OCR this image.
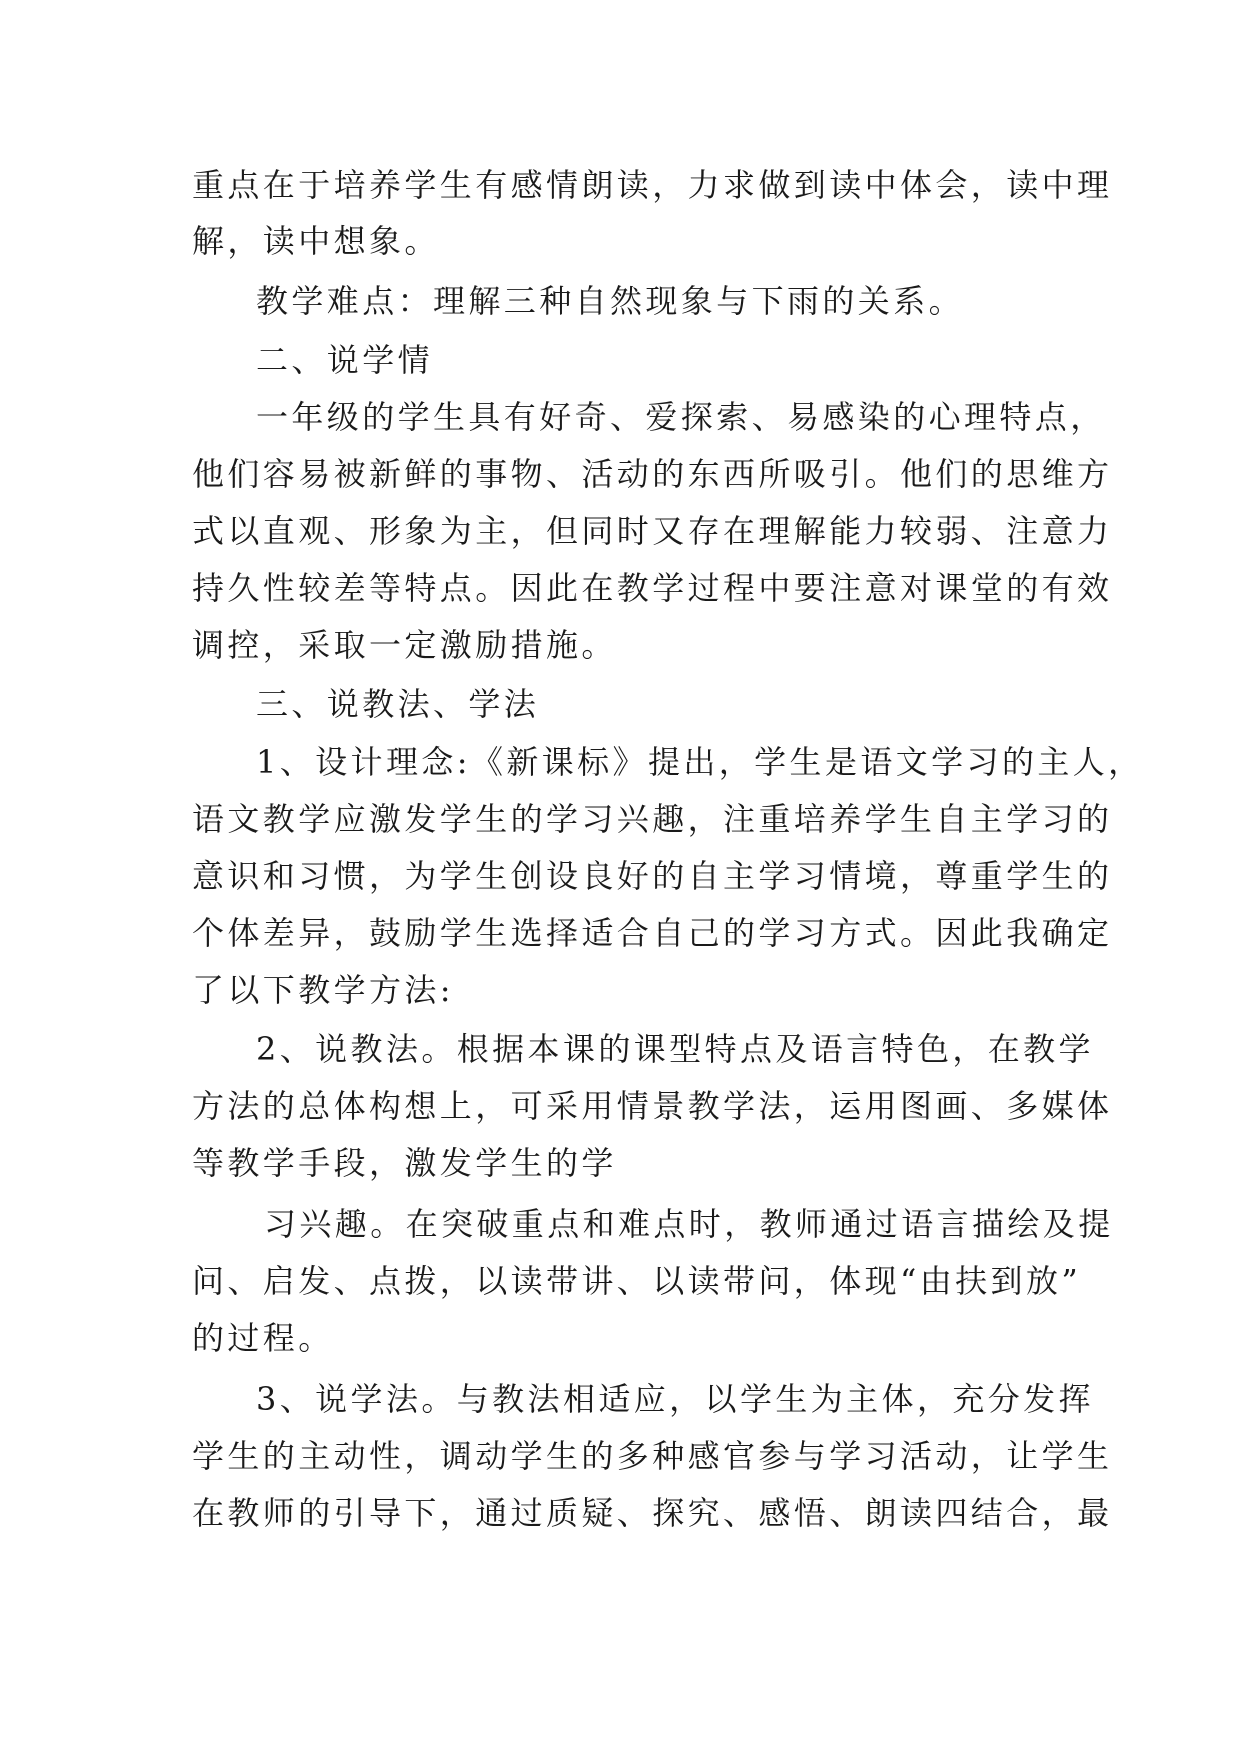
重点在于培养学生有感情朗读，力求做到读中体会，读中理
解，读中想象。
教学难点：理解三种自然现象与下雨的关系。
二、说学情
一年级的学生具有好奇、爱探索、易感染的心理特点，
他们容易被新鲜的事物、活动的东西所吸引。他们的思维方
式以直观、形象为主，但同时又存在理解能力较弱、注意力
持久性较差等特点。因此在教学过程中要注意对课堂的有效
调控，采取一定激励措施。
三、说教法、学法
1、设计理念:《新课标》提出，学生是语文学习的主人，
语文教学应激发学生的学习兴趣，注重培养学生自主学习的
意识和习惯，为学生创设良好的自主学习情境，尊重学生的
个体差异，鼓励学生选择适合自己的学习方式。因此我确定
了以下教学方法:
2、说教法。根据本课的课型特点及语言特色，在教学
方法的总体构想上，可采用情景教学法，运用图画、多媒体
等教学手段，激发学生的学
习兴趣。在突破重点和难点时，教师通过语言描绘及提
问、启发、点拨，以读带讲、以读带问，体现“由扶到放”
的过程。
3、说学法。与教法相适应，以学生为主体，充分发挥
学生的主动性，调动学生的多种感官参与学习活动，让学生
在教师的引导下，通过质疑、探究、感悟、朗读四结合，最
